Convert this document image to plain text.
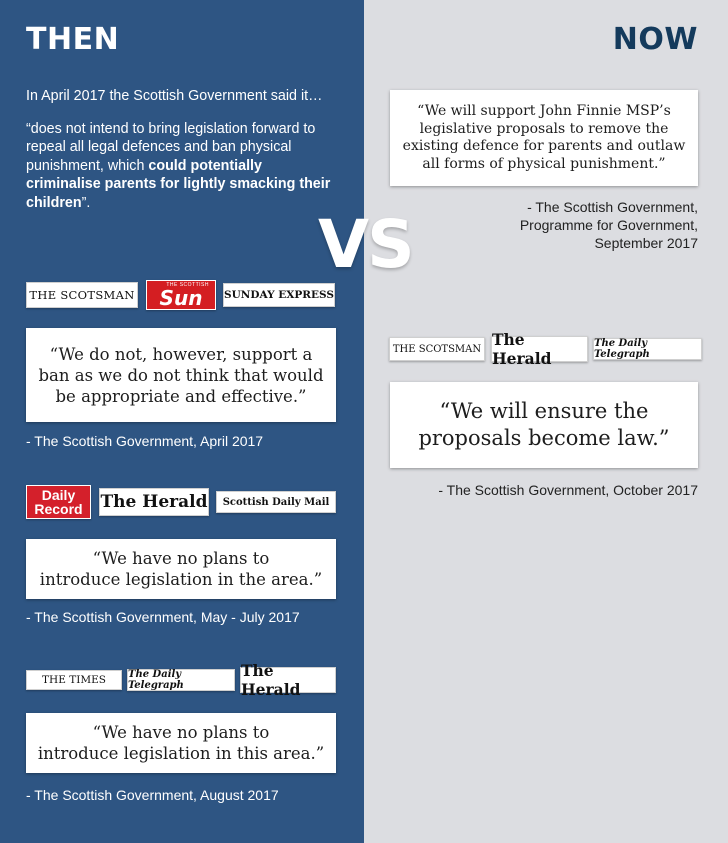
THEN	NOW

In April 2017 the Scottish Government said it…

“does not intend to bring legislation forward to repeal all legal defences and ban physical punishment, which could potentially criminalise parents for lightly smacking their children”.

VS
THE SCOTSMAN
THE SCOTTISH
Sun SUNDAY EXPRESS
“We do not, however, support a
ban as we do not think that would
be appropriate and effective.”
- The Scottish Government, April 2017
Daily
Record The Herald Scottish Daily Mail
“We have no plans to
introduce legislation in the area.”
- The Scottish Government, May - July 2017
THE TIMES The Daily Telegraph
The Herald
“We have no plans to
introduce legislation in this area.”
- The Scottish Government, August 2017
“We will support John Finnie MSP’s
legislative proposals to remove the
existing defence for parents and outlaw
all forms of physical punishment.”
- The Scottish Government,
Programme for Government,
September 2017
THE SCOTSMAN The Herald
The Daily Telegraph
“We will ensure the
proposals become law.”
- The Scottish Government, October 2017
